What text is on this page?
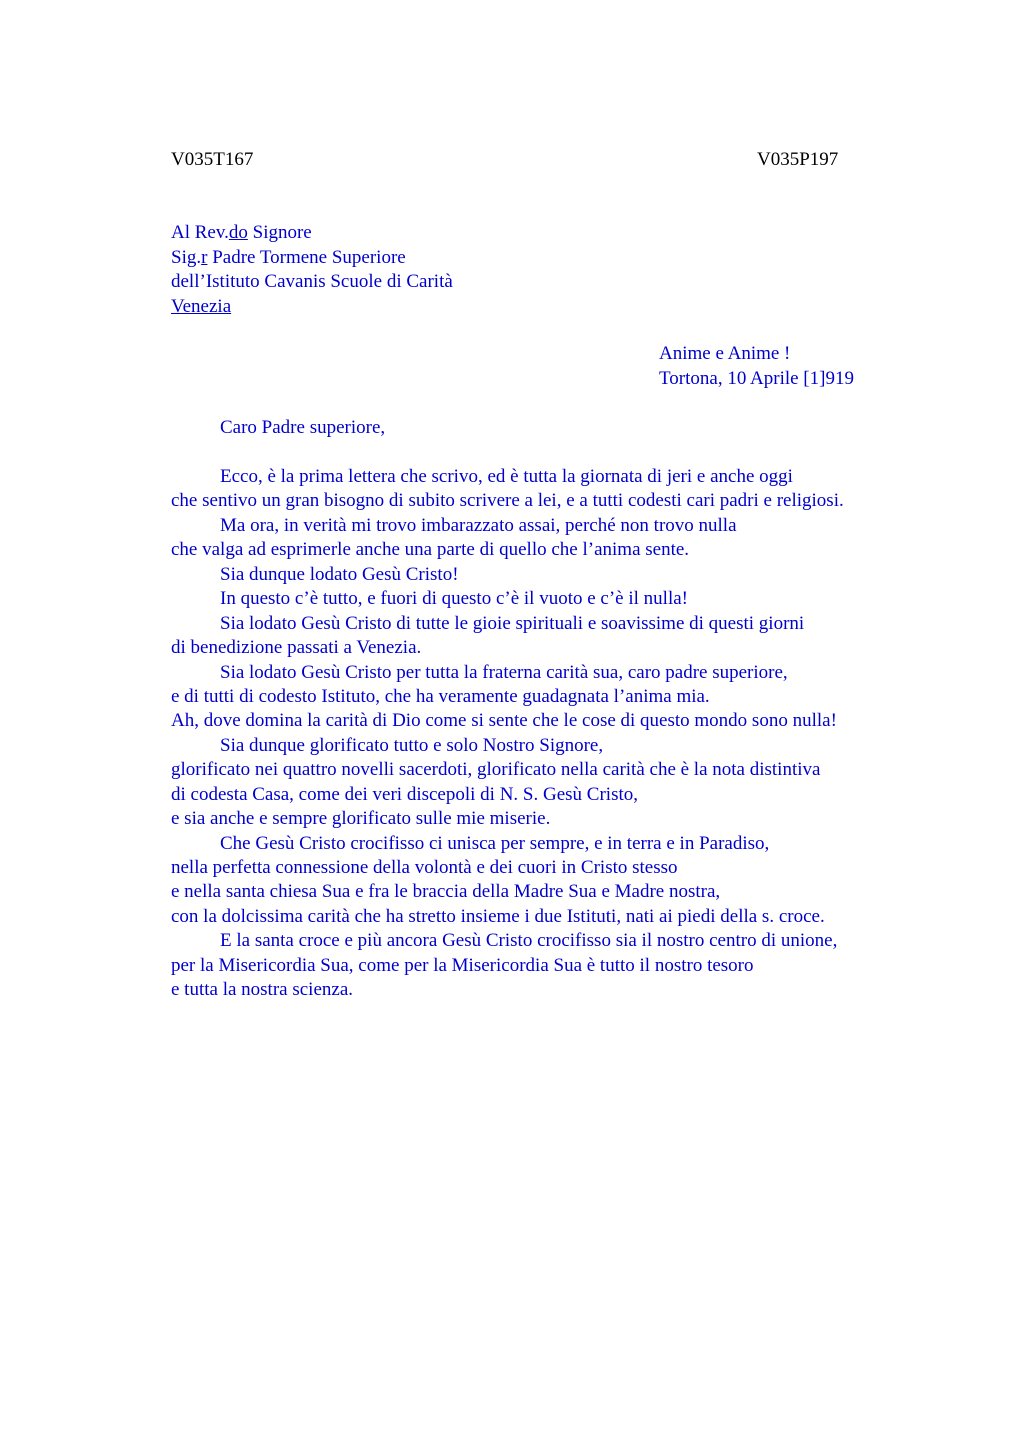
V035T167	V035P197
Al Rev.do Signore
Sig.r Padre Tormene Superiore
dell’Istituto Cavanis Scuole di Carità
Venezia
Anime e Anime !
Tortona, 10 Aprile [1]919
Caro Padre superiore,
Ecco, è la prima lettera che scrivo, ed è tutta la giornata di jeri e anche oggi
che sentivo un gran bisogno di subito scrivere a lei, e a tutti codesti cari padri e religiosi.
Ma ora, in verità mi trovo imbarazzato assai, perché non trovo nulla
che valga ad esprimerle anche una parte di quello che l’anima sente.
Sia dunque lodato Gesù Cristo!
In questo c’è tutto, e fuori di questo c’è il vuoto e c’è il nulla!
Sia lodato Gesù Cristo di tutte le gioie spirituali e soavissime di questi giorni
di benedizione passati a Venezia.
Sia lodato Gesù Cristo per tutta la fraterna carità sua, caro padre superiore,
e di tutti di codesto Istituto, che ha veramente guadagnata l’anima mia.
Ah, dove domina la carità di Dio come si sente che le cose di questo mondo sono nulla!
Sia dunque glorificato tutto e solo Nostro Signore,
glorificato nei quattro novelli sacerdoti, glorificato nella carità che è la nota distintiva
di codesta Casa, come dei veri discepoli di N. S. Gesù Cristo,
e sia anche e sempre glorificato sulle mie miserie.
Che Gesù Cristo crocifisso ci unisca per sempre, e in terra e in Paradiso,
nella perfetta connessione della volontà e dei cuori in Cristo stesso
e nella santa chiesa Sua e fra le braccia della Madre Sua e Madre nostra,
con la dolcissima carità che ha stretto insieme i due Istituti, nati ai piedi della s. croce.
E la santa croce e più ancora Gesù Cristo crocifisso sia il nostro centro di unione,
per la Misericordia Sua, come per la Misericordia Sua è tutto il nostro tesoro
e tutta la nostra scienza.
